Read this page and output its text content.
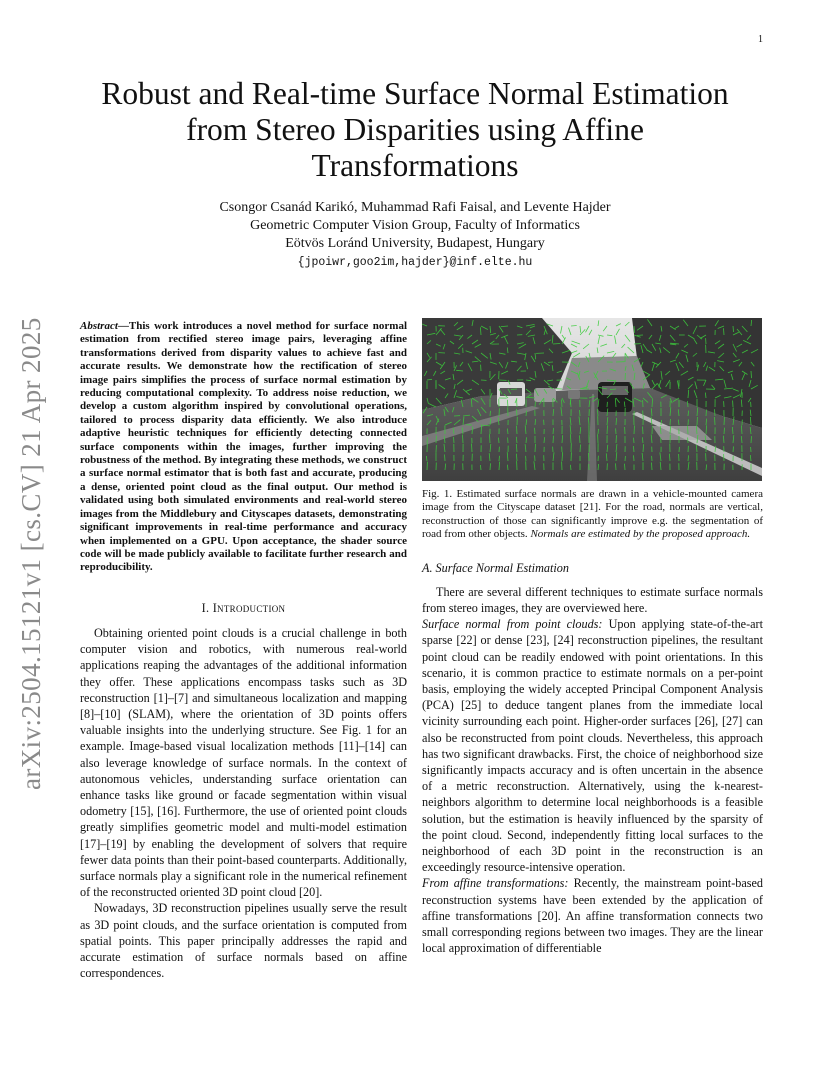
1
arXiv:2504.15121v1 [cs.CV] 21 Apr 2025
Robust and Real-time Surface Normal Estimation
from Stereo Disparities using Affine
Transformations
Csongor Csanád Karikó, Muhammad Rafi Faisal, and Levente Hajder
Geometric Computer Vision Group, Faculty of Informatics
Eötvös Loránd University, Budapest, Hungary
{jpoiwr,goo2im,hajder}@inf.elte.hu

Abstract—This work introduces a novel method for surface normal estimation from rectified stereo image pairs, leveraging affine transformations derived from disparity values to achieve fast and accurate results. We demonstrate how the rectification of stereo image pairs simplifies the process of surface normal estimation by reducing computational complexity. To address noise reduction, we develop a custom algorithm inspired by convolutional operations, tailored to process disparity data efficiently. We also introduce adaptive heuristic techniques for efficiently detecting connected surface components within the images, further improving the robustness of the method. By integrating these methods, we construct a surface normal estimator that is both fast and accurate, producing a dense, oriented point cloud as the final output. Our method is validated using both simulated environments and real-world stereo images from the Middlebury and Cityscapes datasets, demonstrating significant improvements in real-time performance and accuracy when implemented on a GPU. Upon acceptance, the shader source code will be made publicly available to facilitate further research and reproducibility.

I. Introduction

Obtaining oriented point clouds is a crucial challenge in both computer vision and robotics, with numerous real-world applications reaping the advantages of the additional information they offer. These applications encompass tasks such as 3D reconstruction [1]–[7] and simultaneous localization and mapping [8]–[10] (SLAM), where the orientation of 3D points offers valuable insights into the underlying structure. See Fig. 1 for an example. Image-based visual localization methods [11]–[14] can also leverage knowledge of surface normals. In the context of autonomous vehicles, understanding surface orientation can enhance tasks like ground or facade segmentation within visual odometry [15], [16]. Furthermore, the use of oriented point clouds greatly simplifies geometric model and multi-model estimation [17]–[19] by enabling the development of solvers that require fewer data points than their point-based counterparts. Additionally, surface normals play a significant role in the numerical refinement of the reconstructed oriented 3D point cloud [20].

Nowadays, 3D reconstruction pipelines usually serve the result as 3D point clouds, and the surface orientation is computed from spatial points. This paper principally addresses the rapid and accurate estimation of surface normals based on affine correspondences.

Fig. 1. Estimated surface normals are drawn in a vehicle-mounted camera image from the Cityscape dataset [21]. For the road, normals are vertical, reconstruction of those can significantly improve e.g. the segmentation of road from other objects. Normals are estimated by the proposed approach.
A. Surface Normal Estimation

There are several different techniques to estimate surface normals from stereo images, they are overviewed here.

Surface normal from point clouds: Upon applying state-of-the-art sparse [22] or dense [23], [24] reconstruction pipelines, the resultant point cloud can be readily endowed with point orientations. In this scenario, it is common practice to estimate normals on a per-point basis, employing the widely accepted Principal Component Analysis (PCA) [25] to deduce tangent planes from the immediate local vicinity surrounding each point. Higher-order surfaces [26], [27] can also be reconstructed from point clouds. Nevertheless, this approach has two significant drawbacks. First, the choice of neighborhood size significantly impacts accuracy and is often uncertain in the absence of a metric reconstruction. Alternatively, using the k-nearest-neighbors algorithm to determine local neighborhoods is a feasible solution, but the estimation is heavily influenced by the sparsity of the point cloud. Second, independently fitting local surfaces to the neighborhood of each 3D point in the reconstruction is an exceedingly resource-intensive operation.

From affine transformations: Recently, the mainstream point-based reconstruction systems have been extended by the application of affine transformations [20]. An affine transformation connects two small corresponding regions between two images. They are the linear local approximation of differentiable
